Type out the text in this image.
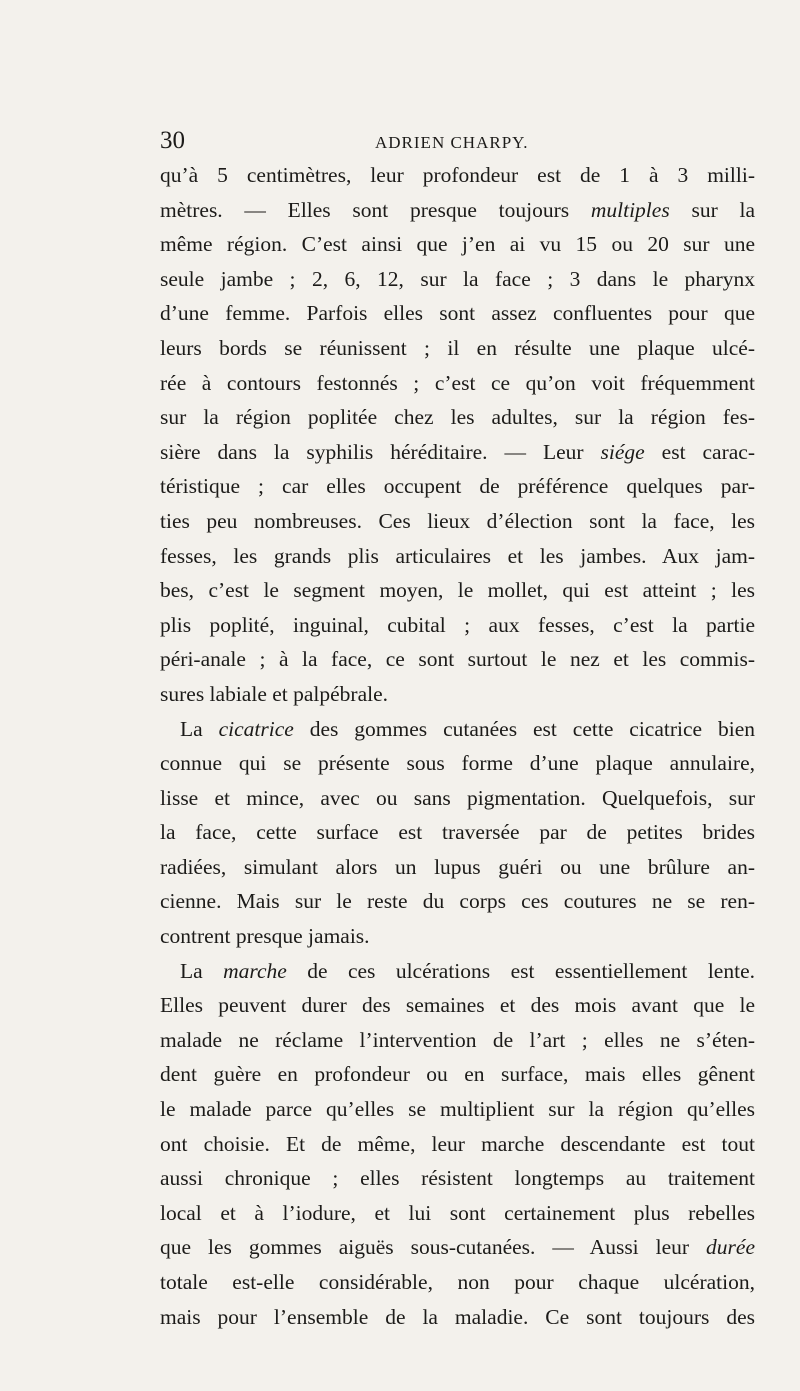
30	ADRIEN CHARPY.
qu’à 5 centimètres, leur profondeur est de 1 à 3 milli-
mètres. — Elles sont presque toujours multiples sur la
même région. C’est ainsi que j’en ai vu 15 ou 20 sur une
seule jambe ; 2, 6, 12, sur la face ; 3 dans le pharynx
d’une femme. Parfois elles sont assez confluentes pour que
leurs bords se réunissent ; il en résulte une plaque ulcé-
rée à contours festonnés ; c’est ce qu’on voit fréquemment
sur la région poplitée chez les adultes, sur la région fes-
sière dans la syphilis héréditaire. — Leur siége est carac-
téristique ; car elles occupent de préférence quelques par-
ties peu nombreuses. Ces lieux d’élection sont la face, les
fesses, les grands plis articulaires et les jambes. Aux jam-
bes, c’est le segment moyen, le mollet, qui est atteint ; les
plis poplité, inguinal, cubital ; aux fesses, c’est la partie
péri-anale ; à la face, ce sont surtout le nez et les commis-
sures labiale et palpébrale.
La cicatrice des gommes cutanées est cette cicatrice bien
connue qui se présente sous forme d’une plaque annulaire,
lisse et mince, avec ou sans pigmentation. Quelquefois, sur
la face, cette surface est traversée par de petites brides
radiées, simulant alors un lupus guéri ou une brûlure an-
cienne. Mais sur le reste du corps ces coutures ne se ren-
contrent presque jamais.
La marche de ces ulcérations est essentiellement lente.
Elles peuvent durer des semaines et des mois avant que le
malade ne réclame l’intervention de l’art ; elles ne s’éten-
dent guère en profondeur ou en surface, mais elles gênent
le malade parce qu’elles se multiplient sur la région qu’elles
ont choisie. Et de même, leur marche descendante est tout
aussi chronique ; elles résistent longtemps au traitement
local et à l’iodure, et lui sont certainement plus rebelles
que les gommes aiguës sous-cutanées. — Aussi leur durée
totale est-elle considérable, non pour chaque ulcération,
mais pour l’ensemble de la maladie. Ce sont toujours des
